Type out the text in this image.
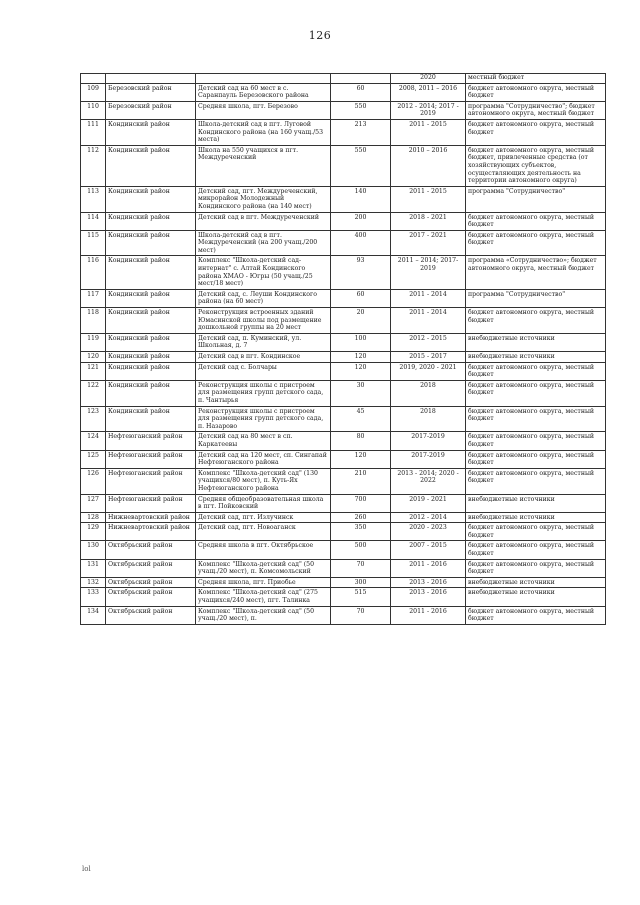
126
				2020	местный бюджет
109	Березовский район	Детский сад на 60 мест в с. Саранпауль Березовского района	60	2008, 2011 – 2016	бюджет автономного округа, местный бюджет
110	Березовский район	Средняя школа, пгт. Березово	550	2012 - 2014; 2017 - 2019	программа "Сотрудничество"; бюджет автономного округа, местный бюджет
111	Кондинский район	Школа-детский сад в пгт. Луговой Кондинского района (на 160 учащ./53 места)	213	2011 - 2015	бюджет автономного округа, местный бюджет
112	Кондинский район	Школа на 550 учащихся в пгт. Междуреченский	550	2010 – 2016	бюджет автономного округа, местный бюджет, привлеченные средства (от хозяйствующих субъектов, осуществляющих деятельность на территории автономного округа)
113	Кондинский район	Детский сад, пгт. Междуреченский, микрорайон Молодежный Кондинского района (на 140 мест)	140	2011 - 2015	программа "Сотрудничество"
114	Кондинский район	Детский сад в пгт. Междуреченский	200	2018 - 2021	бюджет автономного округа, местный бюджет
115	Кондинский район	Школа-детский сад в пгт. Междуреченский (на 200 учащ./200 мест)	400	2017 - 2021	бюджет автономного округа, местный бюджет
116	Кондинский район	Комплекс "Школа-детский сад-интернат" с. Алтай Кондинского района ХМАО - Югры (50 учащ./25 мест/18 мест)	93	2011 – 2014; 2017-2019	программа «Сотрудничество»; бюджет автономного округа, местный бюджет
117	Кондинский район	Детский сад, с. Леуши Кондинского района (на 60 мест)	60	2011 - 2014	программа "Сотрудничество"
118	Кондинский район	Реконструкция встроенных зданий Юмасинской школы под размещение дошкольной группы на 20 мест	20	2011 - 2014	бюджет автономного округа, местный бюджет
119	Кондинский район	Детский сад, п. Куминский, ул. Школьная, д. 7	100	2012 - 2015	внебюджетные источники
120	Кондинский район	Детский сад в пгт. Кондинское	120	2015 - 2017	внебюджетные источники
121	Кондинский район	Детский сад с. Болчары	120	2019, 2020 - 2021	бюджет автономного округа, местный бюджет
122	Кондинский район	Реконструкция школы с пристроем для размещения групп детского сада, п. Чантырья	30	2018	бюджет автономного округа, местный бюджет
123	Кондинский район	Реконструкция школы с пристроем для размещения групп детского сада, п. Назарово	45	2018	бюджет автономного округа, местный бюджет
124	Нефтеюганский район	Детский сад на 80 мест в сп. Каркатеевы	80	2017-2019	бюджет автономного округа, местный бюджет
125	Нефтеюганский район	Детский сад на 120 мест, сп. Сингапай Нефтеюганского района	120	2017-2019	бюджет автономного округа, местный бюджет
126	Нефтеюганский район	Комплекс "Школа-детский сад" (130 учащихся/80 мест), п. Куть-Ях Нефтеюганского района	210	2013 - 2014; 2020 - 2022	бюджет автономного округа, местный бюджет
127	Нефтеюганский район	Средняя общеобразовательная школа в пгт. Пойковский	700	2019 - 2021	внебюджетные источники
128	Нижневартовский район	Детский сад, пгт. Излучинск	260	2012 - 2014	внебюджетные источники
129	Нижневартовский район	Детский сад, пгт. Новоаганск	350	2020 - 2023	бюджет автономного округа, местный бюджет
130	Октябрьский район	Средняя школа в пгт. Октябрьское	500	2007 - 2015	бюджет автономного округа, местный бюджет
131	Октябрьский район	Комплекс "Школа-детский сад" (50 учащ./20 мест), п. Комсомольский	70	2011 - 2016	бюджет автономного округа, местный бюджет
132	Октябрьский район	Средняя школа, пгт. Приобье	300	2013 - 2016	внебюджетные источники
133	Октябрьский район	Комплекс "Школа-детский сад" (275 учащихся/240 мест), пгт. Талинка	515	2013 - 2016	внебюджетные источники
134	Октябрьский район	Комплекс "Школа-детский сад" (50 учащ./20 мест), п.	70	2011 - 2016	бюджет автономного округа, местный бюджет
lol
